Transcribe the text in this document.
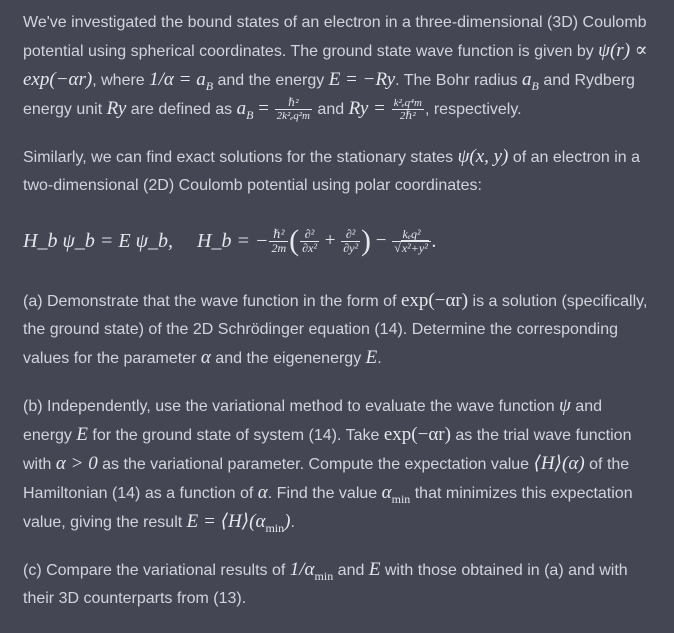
We've investigated the bound states of an electron in a three-dimensional (3D) Coulomb potential using spherical coordinates. The ground state wave function is given by ψ(r) ∝ exp(−αr), where $1/\alpha = a_B$ and the energy E = −Ry. The Bohr radius $a_B$ and Rydberg energy unit Ry are defined as $a_B = \frac{\text{ℏ²}}{\text{2k²ₑq²m}}$ and $Ry = \frac{\text{k²ₑq⁴m}}{\text{2ℏ²}}$ , respectively.

Similarly, we can find exact solutions for the stationary states ψ(x, y) of an electron in a two-dimensional (2D) Coulomb potential using polar coordinates:

H_b ψ_b = E ψ_b, H_b = − $\frac{\text{ℏ²}}{2m}$ ( $\frac{\text{∂²}}{\text{∂x²}} + \frac{\text{∂²}}{\text{∂y²}}$ ) − $\frac{\text{kₑq²}}{\text{√x²+y²}}$ .

(a) Demonstrate that the wave function in the form of exp(−αr) is a solution (specifically, the ground state) of the 2D Schrödinger equation (14). Determine the corresponding values for the parameter α and the eigenenergy E.

(b) Independently, use the variational method to evaluate the wave function ψ and energy E for the ground state of system (14). Take exp(−αr) as the trial wave function with α > 0 as the variational parameter. Compute the expectation value ⟨H⟩(α) of the Hamiltonian (14) as a function of α. Find the value $\alpha_{min}$ that minimizes this expectation value, giving the result $E = ⟨H⟩(\alpha_{min})$.

(c) Compare the variational results of $1/\alpha_{min}$ and E with those obtained in (a) and with their 3D counterparts from (13).
